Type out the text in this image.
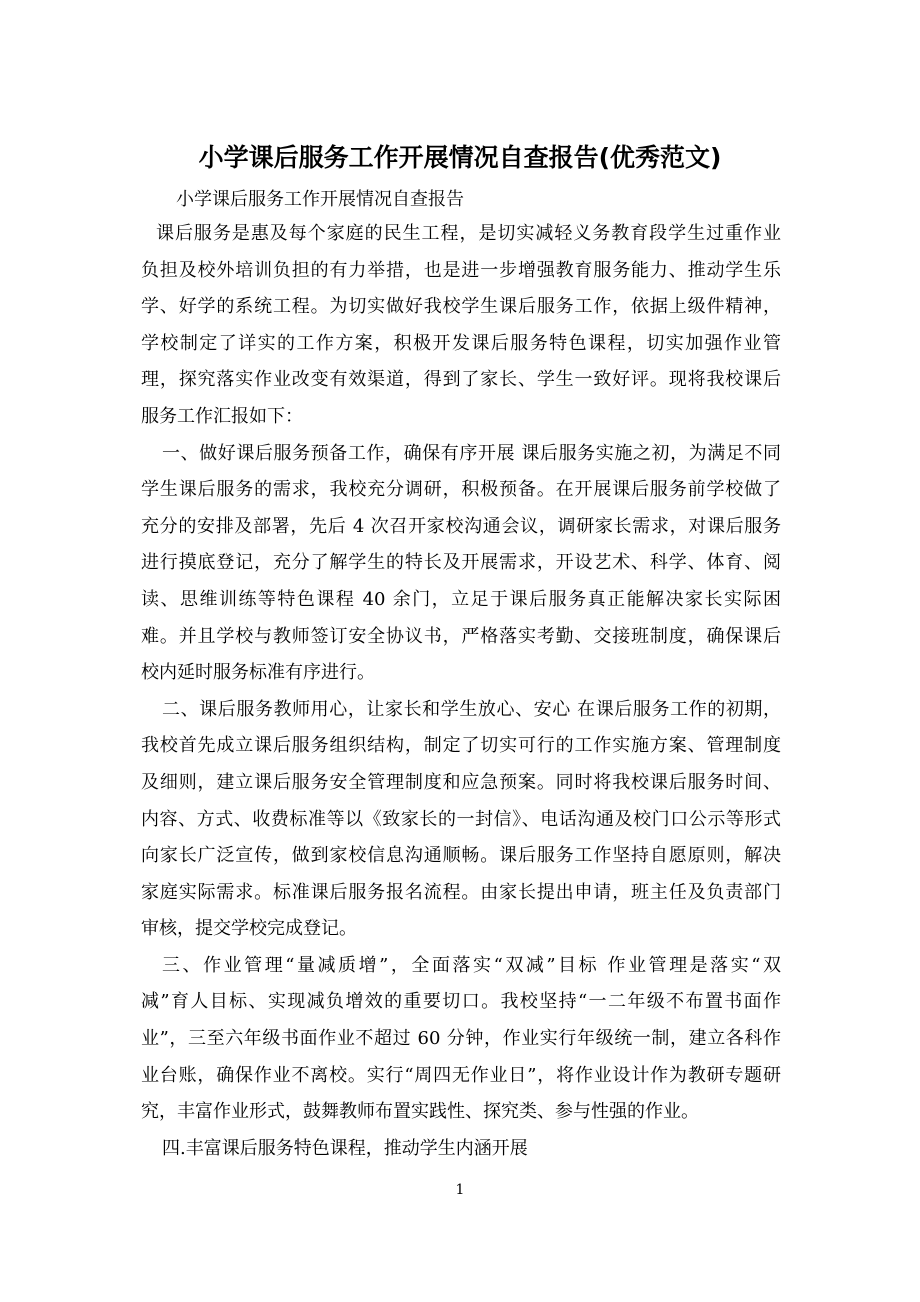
小学课后服务工作开展情况自查报告(优秀范文)

小学课后服务工作开展情况自查报告

课后服务是惠及每个家庭的民生工程，是切实减轻义务教育段学生过重作业

负担及校外培训负担的有力举措，也是进一步增强教育服务能力、推动学生乐

学、好学的系统工程。为切实做好我校学生课后服务工作，依据上级件精神，

学校制定了详实的工作方案，积极开发课后服务特色课程，切实加强作业管

理，探究落实作业改变有效渠道，得到了家长、学生一致好评。现将我校课后

服务工作汇报如下：

一、做好课后服务预备工作，确保有序开展 课后服务实施之初，为满足不同

学生课后服务的需求，我校充分调研，积极预备。在开展课后服务前学校做了

充分的安排及部署，先后 4 次召开家校沟通会议，调研家长需求，对课后服务

进行摸底登记，充分了解学生的特长及开展需求，开设艺术、科学、体育、阅

读、思维训练等特色课程 40 余门，立足于课后服务真正能解决家长实际困

难。并且学校与教师签订安全协议书，严格落实考勤、交接班制度，确保课后

校内延时服务标准有序进行。

二、课后服务教师用心，让家长和学生放心、安心 在课后服务工作的初期，

我校首先成立课后服务组织结构，制定了切实可行的工作实施方案、管理制度

及细则，建立课后服务安全管理制度和应急预案。同时将我校课后服务时间、

内容、方式、收费标准等以《致家长的一封信》、电话沟通及校门口公示等形式

向家长广泛宣传，做到家校信息沟通顺畅。课后服务工作坚持自愿原则，解决

家庭实际需求。标准课后服务报名流程。由家长提出申请，班主任及负责部门

审核，提交学校完成登记。

三、作业管理“量减质增”，全面落实“双减”目标 作业管理是落实“双

减”育人目标、实现减负增效的重要切口。我校坚持“一二年级不布置书面作

业”，三至六年级书面作业不超过 60 分钟，作业实行年级统一制，建立各科作

业台账，确保作业不离校。实行“周四无作业日”，将作业设计作为教研专题研

究，丰富作业形式，鼓舞教师布置实践性、探究类、参与性强的作业。

四.丰富课后服务特色课程，推动学生内涵开展

1
